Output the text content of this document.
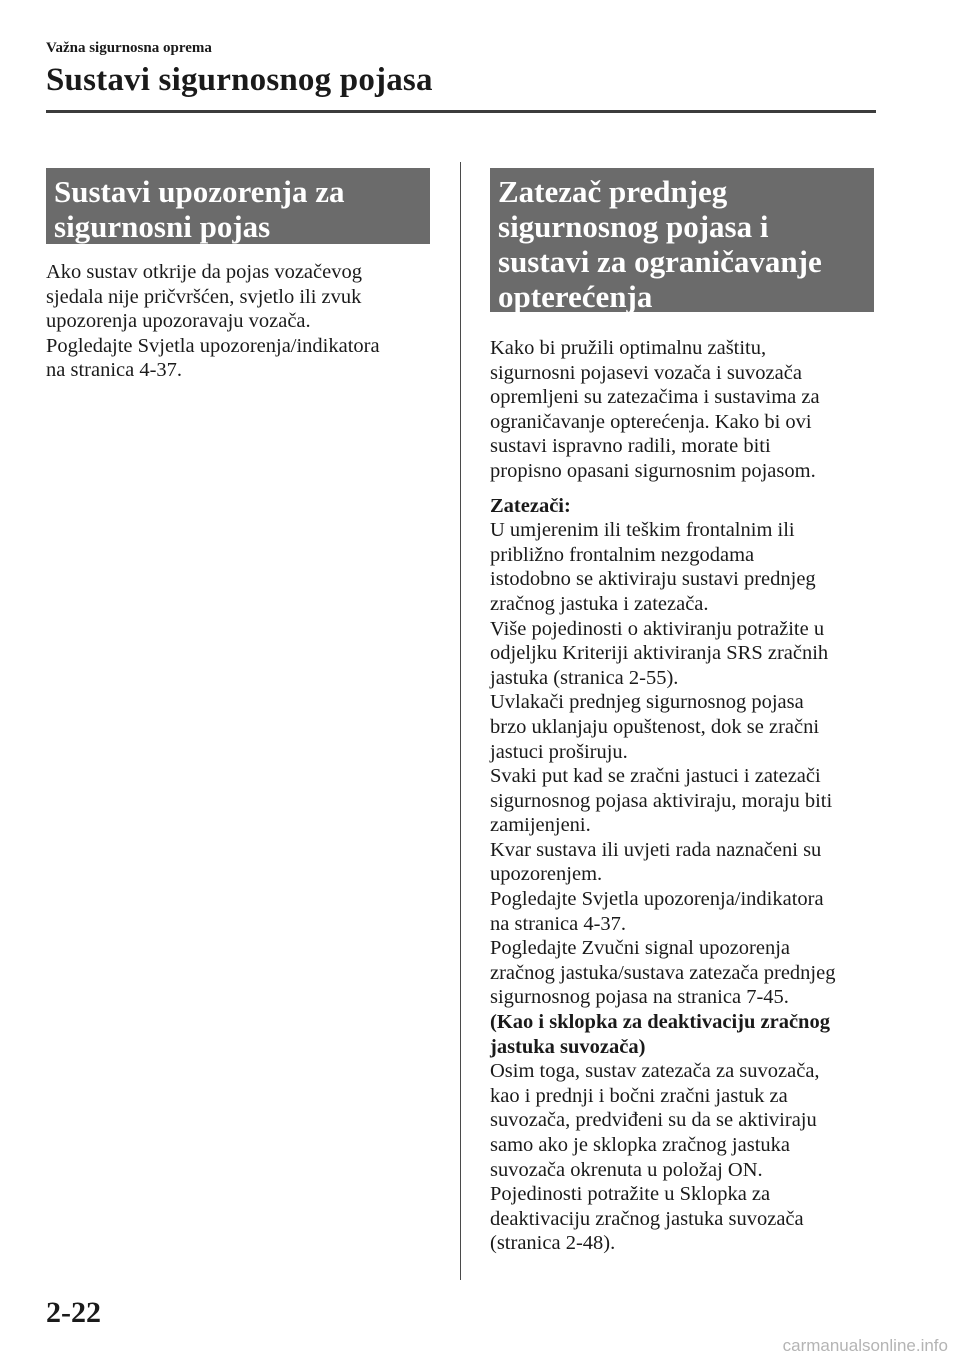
Važna sigurnosna oprema
Sustavi sigurnosnog pojasa
Sustavi upozorenja za
sigurnosni pojas

Ako sustav otkrije da pojas vozačevog

sjedala nije pričvršćen, svjetlo ili zvuk

upozorenja upozoravaju vozača.

Pogledajte Svjetla upozorenja/indikatora

na stranica 4-37.

Zatezač prednjeg
sigurnosnog pojasa i
sustavi za ograničavanje
opterećenja

Kako bi pružili optimalnu zaštitu,

sigurnosni pojasevi vozača i suvozača

opremljeni su zatezačima i sustavima za

ograničavanje opterećenja. Kako bi ovi

sustavi ispravno radili, morate biti

propisno opasani sigurnosnim pojasom.

Zatezači:

U umjerenim ili teškim frontalnim ili

približno frontalnim nezgodama

istodobno se aktiviraju sustavi prednjeg

zračnog jastuka i zatezača.

Više pojedinosti o aktiviranju potražite u

odjeljku Kriteriji aktiviranja SRS zračnih

jastuka (stranica 2-55).

Uvlakači prednjeg sigurnosnog pojasa

brzo uklanjaju opuštenost, dok se zračni

jastuci proširuju.

Svaki put kad se zračni jastuci i zatezači

sigurnosnog pojasa aktiviraju, moraju biti

zamijenjeni.

Kvar sustava ili uvjeti rada naznačeni su

upozorenjem.

Pogledajte Svjetla upozorenja/indikatora

na stranica 4-37.

Pogledajte Zvučni signal upozorenja

zračnog jastuka/sustava zatezača prednjeg

sigurnosnog pojasa na stranica 7-45.

(Kao i sklopka za deaktivaciju zračnog

jastuka suvozača)

Osim toga, sustav zatezača za suvozača,

kao i prednji i bočni zračni jastuk za

suvozača, predviđeni su da se aktiviraju

samo ako je sklopka zračnog jastuka

suvozača okrenuta u položaj ON.

Pojedinosti potražite u Sklopka za

deaktivaciju zračnog jastuka suvozača

(stranica 2-48).

2-22
carmanualsonline.info
